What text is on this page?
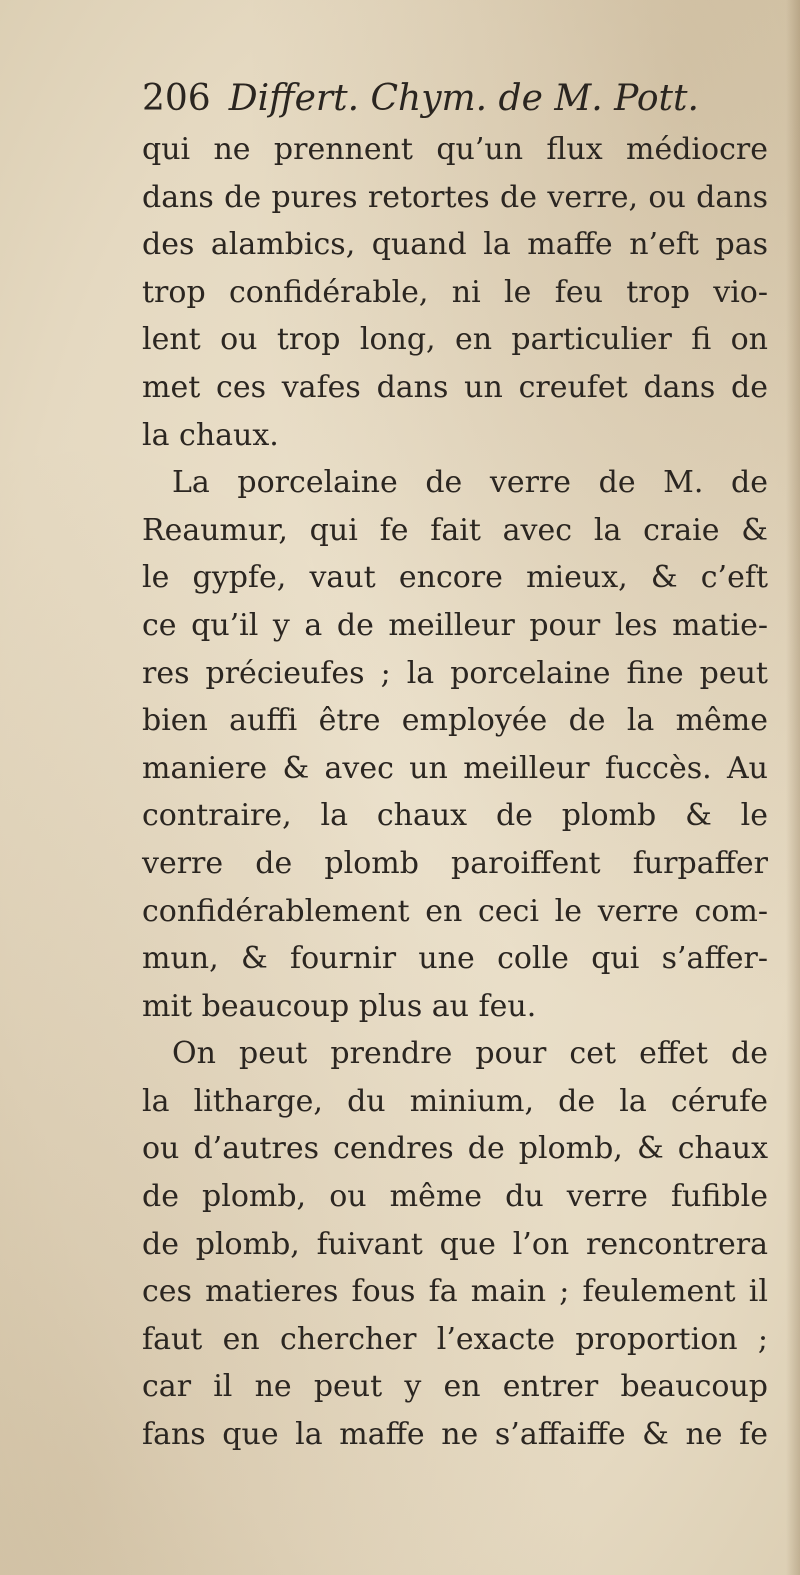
206 Differt. Chym. de M. Pott.
qui ne prennent qu’un flux médiocre
dans de pures retortes de verre, ou dans
des alambics, quand la maffe n’eft pas
trop confidérable, ni le feu trop vio-
lent ou trop long, en particulier fi on
met ces vafes dans un creufet dans de
la chaux.
La porcelaine de verre de M. de
Reaumur, qui fe fait avec la craie &
le gypfe, vaut encore mieux, & c’eft
ce qu’il y a de meilleur pour les matie-
res précieufes ; la porcelaine fine peut
bien auffi être employée de la même
maniere & avec un meilleur fuccès. Au
contraire, la chaux de plomb & le
verre de plomb paroiffent furpaffer
confidérablement en ceci le verre com-
mun, & fournir une colle qui s’affer-
mit beaucoup plus au feu.
On peut prendre pour cet effet de
la litharge, du minium, de la cérufe
ou d’autres cendres de plomb, & chaux
de plomb, ou même du verre fufible
de plomb, fuivant que l’on rencontrera
ces matieres fous fa main ; feulement il
faut en chercher l’exacte proportion ;
car il ne peut y en entrer beaucoup
fans que la maffe ne s’affaiffe & ne fe
